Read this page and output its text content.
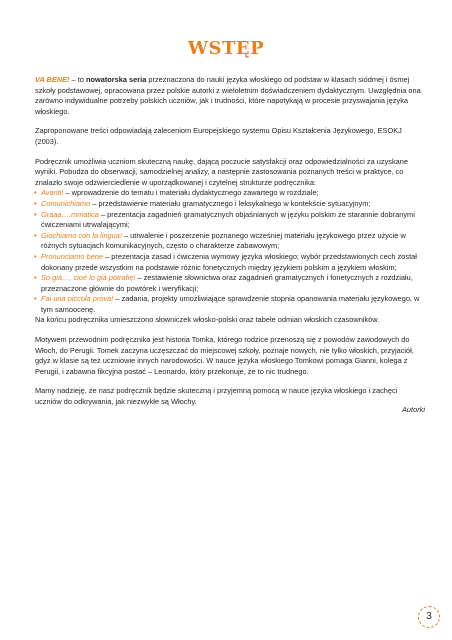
WSTĘP

VA BENE! – to nowatorska seria przeznaczona do nauki języka włoskiego od podstaw w klasach siódmej i ósmej szkoły podstawowej, opracowana przez polskie autorki z wieloletnim doświadczeniem dydaktycznym. Uwzględnia ona zarówno indywidualne potrzeby polskich uczniów, jak i trudności, które napotykają w procesie przyswajania języka włoskiego.

Zaproponowane treści odpowiadają zaleceniom Europejskiego systemu Opisu Kształcenia Językowego, ESOKJ (2003).

Podręcznik umożliwia uczniom skuteczną naukę, dającą poczucie satysfakcji oraz odpowiedzialności za uzyskane wyniki. Pobudza do obserwacji, samodzielnej analizy, a następnie zastosowania poznanych treści w praktyce, co znalazło swoje odzwierciedlenie w uporządkowanej i czytelnej strukturze podręcznika:

• Avanti! – wprowadzenie do tematu i materiału dydaktycznego zawartego w rozdziale;
• Comunichiamo – przedstawienie materiału gramatycznego i leksykalnego w kontekście sytuacyjnym;
• Graaa….mmatica – prezentacja zagadnień gramatycznych objaśnianych w języku polskim ze starannie dobranymi ćwiczeniami utrwalającymi;
• Giochiamo con la lingua! – utrwalenie i poszerzenie poznanego wcześniej materiału językowego przez użycie w różnych sytuacjach komunikacyjnych, często o charakterze zabawowym;
• Pronunciamo bene – prezentacja zasad i ćwiczenia wymowy języka włoskiego; wybór przedstawionych cech został dokonany przede wszystkim na podstawie różnic fonetycznych między językiem polskim a językiem włoskim;
• So già…, cioè lo già potrafię! – zestawienie słownictwa oraz zagadnień gramatycznych i fonetycznych z rozdziału, przeznaczone głównie do powtórek i weryfikacji;
• Fai una piccola prova! – zadania, projekty umożliwiające sprawdzenie stopnia opanowania materiału językowego, w tym samoocenę.

Na końcu podręcznika umieszczono słowniczek włosko-polski oraz tabele odmian włoskich czasowników.

Motywem przewodnim podręcznika jest historia Tomka, którego rodzice przenoszą się z powodów zawodowych do Włoch, do Perugii. Tomek zaczyna uczęszczać do miejscowej szkoły, poznaje nowych, nie tylko włoskich, przyjaciół, gdyż w klasie są też uczniowie innych narodowości. W nauce języka włoskiego Tomkowi pomaga Gianni, kolega z Perugii, i zabawna fikcyjna postać – Leonardo, który przekonuje, że to nic trudnego.

Mamy nadzieję, że nasz podręcznik będzie skuteczną i przyjemną pomocą w nauce języka włoskiego i zachęci uczniów do odkrywania, jak niezwykłe są Włochy.

Autorki
3
